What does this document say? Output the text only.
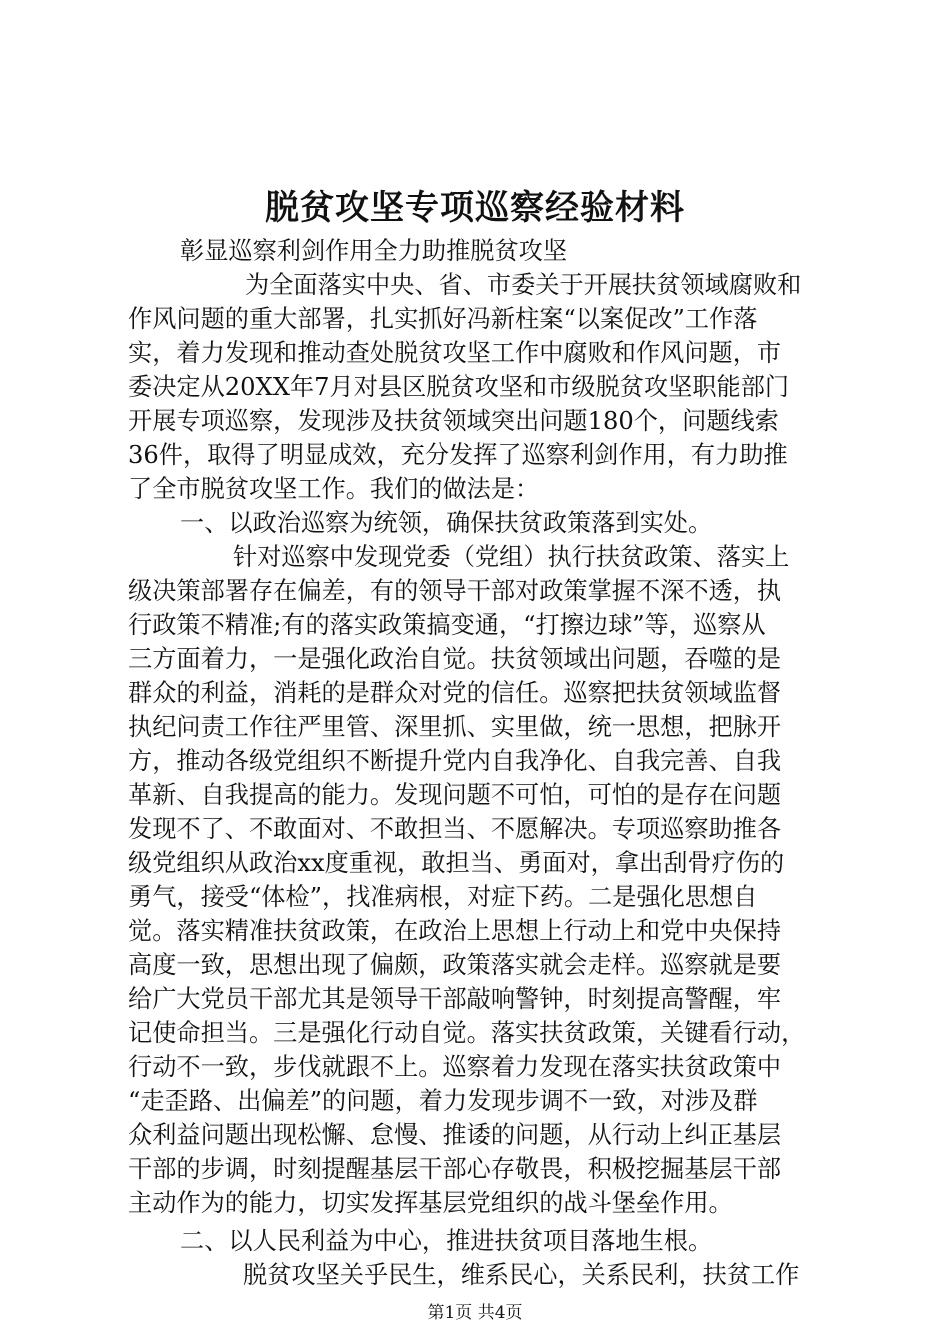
脱贫攻坚专项巡察经验材料

彰显巡察利剑作用全力助推脱贫攻坚

为全面落实中央、省、市委关于开展扶贫领域腐败和

作风问题的重大部署，扎实抓好冯新柱案“以案促改”工作落

实，着力发现和推动查处脱贫攻坚工作中腐败和作风问题，市

委决定从20XX年7月对县区脱贫攻坚和市级脱贫攻坚职能部门

开展专项巡察，发现涉及扶贫领域突出问题180个，问题线索

36件，取得了明显成效，充分发挥了巡察利剑作用，有力助推

了全市脱贫攻坚工作。我们的做法是：

一、以政治巡察为统领，确保扶贫政策落到实处。

针对巡察中发现党委（党组）执行扶贫政策、落实上

级决策部署存在偏差，有的领导干部对政策掌握不深不透，执

行政策不精准;有的落实政策搞变通，“打擦边球”等，巡察从

三方面着力，一是强化政治自觉。扶贫领域出问题，吞噬的是

群众的利益，消耗的是群众对党的信任。巡察把扶贫领域监督

执纪问责工作往严里管、深里抓、实里做，统一思想，把脉开

方，推动各级党组织不断提升党内自我净化、自我完善、自我

革新、自我提高的能力。发现问题不可怕，可怕的是存在问题

发现不了、不敢面对、不敢担当、不愿解决。专项巡察助推各

级党组织从政治xx度重视，敢担当、勇面对，拿出刮骨疗伤的

勇气，接受“体检”，找准病根，对症下药。二是强化思想自

觉。落实精准扶贫政策，在政治上思想上行动上和党中央保持

高度一致，思想出现了偏颇，政策落实就会走样。巡察就是要

给广大党员干部尤其是领导干部敲响警钟，时刻提高警醒，牢

记使命担当。三是强化行动自觉。落实扶贫政策，关键看行动，

行动不一致，步伐就跟不上。巡察着力发现在落实扶贫政策中

“走歪路、出偏差”的问题，着力发现步调不一致，对涉及群

众利益问题出现松懈、怠慢、推诿的问题，从行动上纠正基层

干部的步调，时刻提醒基层干部心存敬畏，积极挖掘基层干部

主动作为的能力，切实发挥基层党组织的战斗堡垒作用。

二、以人民利益为中心，推进扶贫项目落地生根。

脱贫攻坚关乎民生，维系民心，关系民利，扶贫工作

第1页 共4页
